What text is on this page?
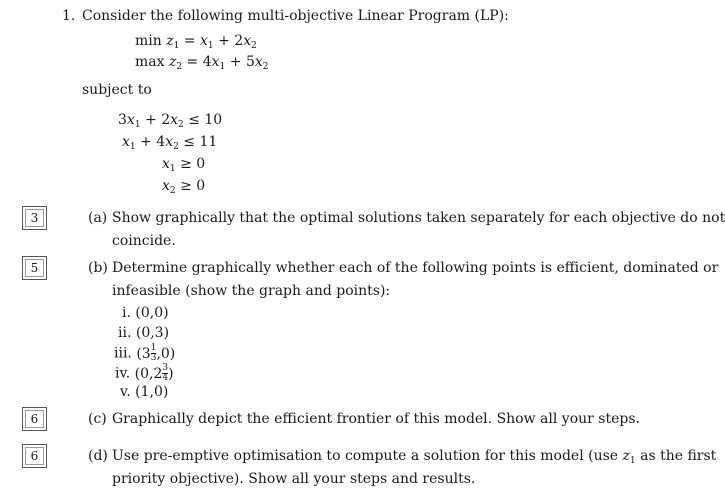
1. Consider the following multi-objective Linear Program (LP):
$\min z_1 = x_1 + 2x_2$
$\max z_2 = 4x_1 + 5x_2$
subject to
$3x_1 + 2x_2 \le 10$
$x_1 + 4x_2 \le 11$
$x_1 \ge 0$
$x_2 \ge 0$
3
5
6
6
(a) Show graphically that the optimal solutions taken separately for each objective do not
coincide.
(b) Determine graphically whether each of the following points is efficient, dominated or
infeasible (show the graph and points):
i. (0,0)
ii. (0,3)
iii. $(3 \frac{1}{3} ,0)$
iv. ($0,2 \frac{3}{4}$ )
v. (1,0)
(c) Graphically depict the efficient frontier of this model. Show all your steps.
(d) Use pre-emptive optimisation to compute a solution for this model (use $z_1$ as the first
priority objective). Show all your steps and results.
